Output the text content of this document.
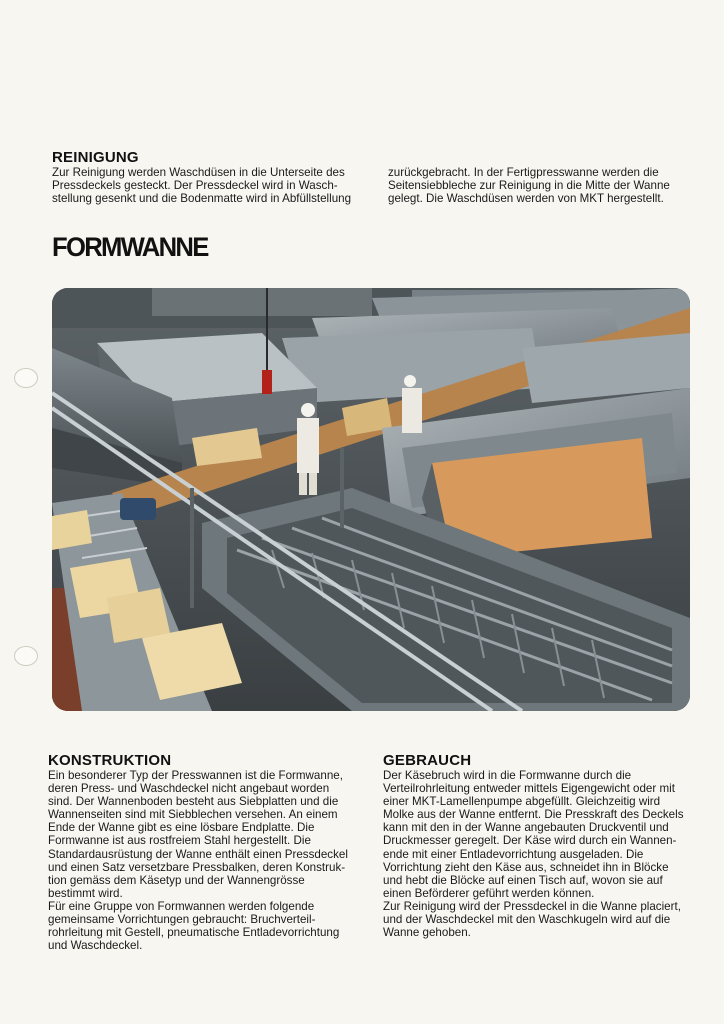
REINIGUNG
Zur Reinigung werden Waschdüsen in die Unterseite des
Pressdeckels gesteckt. Der Pressdeckel wird in Wasch-
stellung gesenkt und die Bodenmatte wird in Abfüllstellung
zurückgebracht. In der Fertigpresswanne werden die
Seitensiebbleche zur Reinigung in die Mitte der Wanne
gelegt. Die Waschdüsen werden von MKT hergestellt.
FORMWANNE
KONSTRUKTION
Ein besonderer Typ der Presswannen ist die Formwanne,
deren Press- und Waschdeckel nicht angebaut worden
sind. Der Wannenboden besteht aus Siebplatten und die
Wannenseiten sind mit Siebblechen versehen. An einem
Ende der Wanne gibt es eine lösbare Endplatte. Die
Formwanne ist aus rostfreiem Stahl hergestellt. Die
Standardausrüstung der Wanne enthält einen Pressdeckel
und einen Satz versetzbare Pressbalken, deren Konstruk-
tion gemäss dem Käsetyp und der Wannengrösse
bestimmt wird.
Für eine Gruppe von Formwannen werden folgende
gemeinsame Vorrichtungen gebraucht: Bruchverteil-
rohrleitung mit Gestell, pneumatische Entladevorrichtung
und Waschdeckel.
GEBRAUCH
Der Käsebruch wird in die Formwanne durch die
Verteilrohrleitung entweder mittels Eigengewicht oder mit
einer MKT-Lamellenpumpe abgefüllt. Gleichzeitig wird
Molke aus der Wanne entfernt. Die Presskraft des Deckels
kann mit den in der Wanne angebauten Druckventil und
Druckmesser geregelt. Der Käse wird durch ein Wannen-
ende mit einer Entladevorrichtung ausgeladen. Die
Vorrichtung zieht den Käse aus, schneidet ihn in Blöcke
und hebt die Blöcke auf einen Tisch auf, wovon sie auf
einen Beförderer geführt werden können.
Zur Reinigung wird der Pressdeckel in die Wanne placiert,
und der Waschdeckel mit den Waschkugeln wird auf die
Wanne gehoben.
